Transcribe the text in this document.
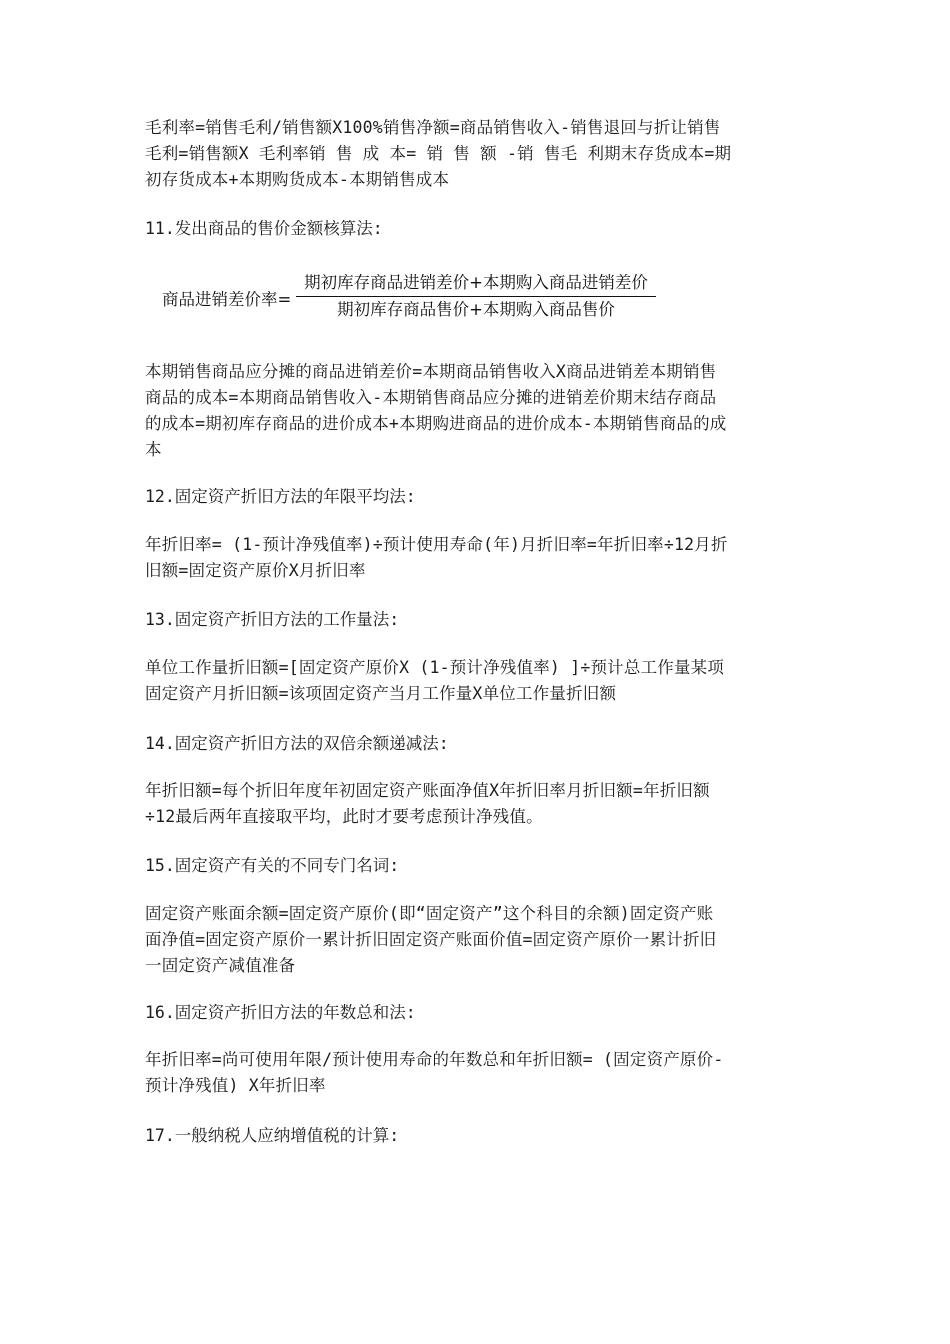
毛利率=销售毛利/销售额X100%销售净额=商品销售收入-销售退回与折让销售
毛利=销售额X 毛利率销 售 成 本= 销 售 额 -销 售毛 利期末存货成本=期
初存货成本+本期购货成本-本期销售成本

11.发出商品的售价金额核算法:

商品进销差价率=
期初库存商品进销差价+本期购入商品进销差价
期初库存商品售价+本期购入商品售价

本期销售商品应分摊的商品进销差价=本期商品销售收入X商品进销差本期销售
商品的成本=本期商品销售收入-本期销售商品应分摊的进销差价期末结存商品
的成本=期初库存商品的进价成本+本期购进商品的进价成本-本期销售商品的成
本

12.固定资产折旧方法的年限平均法:

年折旧率= (1-预计净残值率)÷预计使用寿命(年)月折旧率=年折旧率÷12月折
旧额=固定资产原价X月折旧率

13.固定资产折旧方法的工作量法:

单位工作量折旧额=[固定资产原价X (1-预计净残值率) ]÷预计总工作量某项
固定资产月折旧额=该项固定资产当月工作量X单位工作量折旧额

14.固定资产折旧方法的双倍余额递减法:

年折旧额=每个折旧年度年初固定资产账面净值X年折旧率月折旧额=年折旧额
÷12最后两年直接取平均，此时才要考虑预计净残值。

15.固定资产有关的不同专门名词:

固定资产账面余额=固定资产原价(即“固定资产”这个科目的余额)固定资产账
面净值=固定资产原价一累计折旧固定资产账面价值=固定资产原价一累计折旧
一固定资产减值准备

16.固定资产折旧方法的年数总和法:

年折旧率=尚可使用年限/预计使用寿命的年数总和年折旧额= (固定资产原价-
预计净残值) X年折旧率

17.一般纳税人应纳增值税的计算:
